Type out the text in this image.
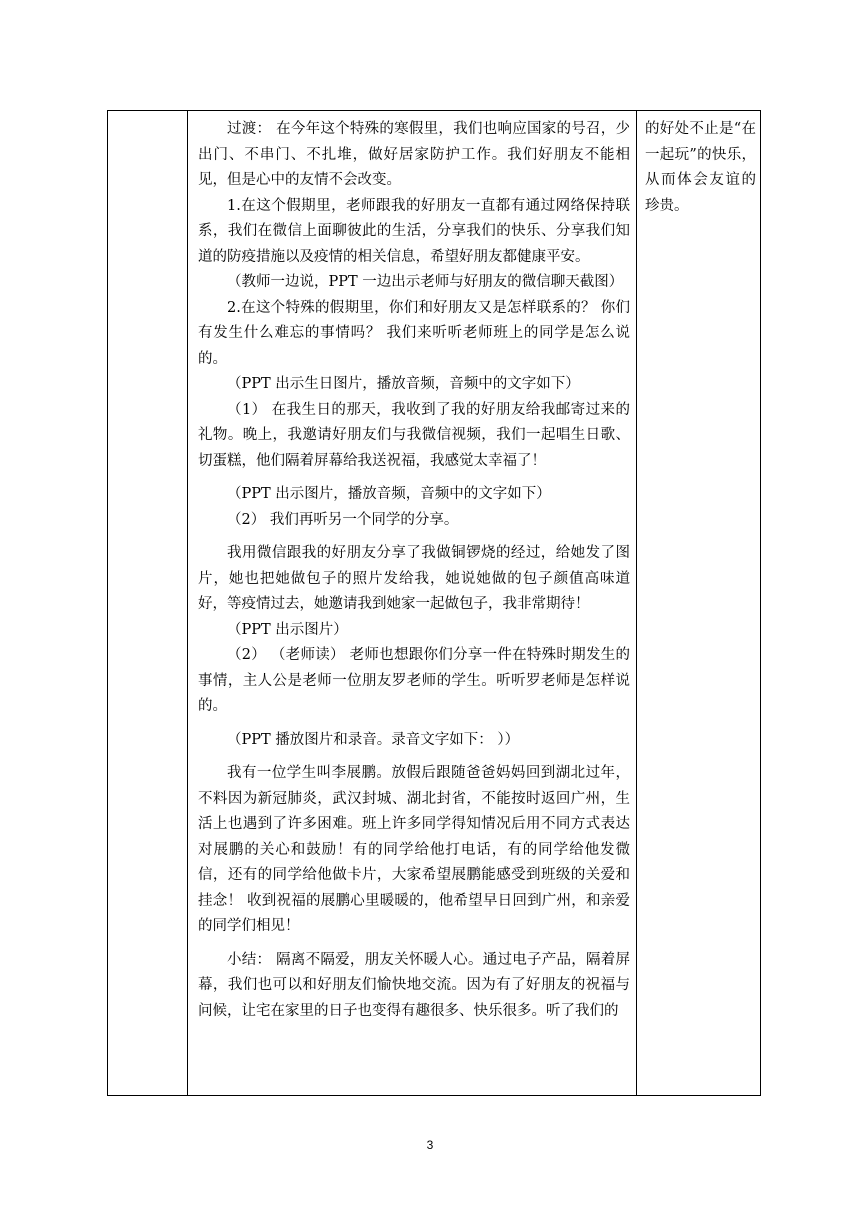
过渡： 在今年这个特殊的寒假里，我们也响应国家的号召，少出门、不串门、不扎堆，做好居家防护工作。我们好朋友不能相见，但是心中的友情不会改变。

1.在这个假期里，老师跟我的好朋友一直都有通过网络保持联系，我们在微信上面聊彼此的生活，分享我们的快乐、分享我们知道的防疫措施以及疫情的相关信息，希望好朋友都健康平安。

（教师一边说，PPT 一边出示老师与好朋友的微信聊天截图）

2.在这个特殊的假期里，你们和好朋友又是怎样联系的？ 你们有发生什么难忘的事情吗？ 我们来听听老师班上的同学是怎么说的。

（PPT 出示生日图片，播放音频，音频中的文字如下）

（1） 在我生日的那天，我收到了我的好朋友给我邮寄过来的礼物。晚上，我邀请好朋友们与我微信视频，我们一起唱生日歌、切蛋糕，他们隔着屏幕给我送祝福，我感觉太幸福了！

（PPT 出示图片，播放音频，音频中的文字如下）

（2） 我们再听另一个同学的分享。

我用微信跟我的好朋友分享了我做铜锣烧的经过，给她发了图片，她也把她做包子的照片发给我，她说她做的包子颜值高味道好，等疫情过去，她邀请我到她家一起做包子，我非常期待！

（PPT 出示图片）

（2） （老师读） 老师也想跟你们分享一件在特殊时期发生的事情，主人公是老师一位朋友罗老师的学生。听听罗老师是怎样说的。

（PPT 播放图片和录音。录音文字如下： ））

我有一位学生叫李展鹏。放假后跟随爸爸妈妈回到湖北过年，不料因为新冠肺炎，武汉封城、湖北封省，不能按时返回广州，生活上也遇到了许多困难。班上许多同学得知情况后用不同方式表达对展鹏的关心和鼓励！有的同学给他打电话，有的同学给他发微信，还有的同学给他做卡片，大家希望展鹏能感受到班级的关爱和挂念！ 收到祝福的展鹏心里暖暖的，他希望早日回到广州，和亲爱的同学们相见！

小结： 隔离不隔爱，朋友关怀暖人心。通过电子产品，隔着屏幕，我们也可以和好朋友们愉快地交流。因为有了好朋友的祝福与问候，让宅在家里的日子也变得有趣很多、快乐很多。听了我们的

的好处不止是“在一起玩”的快乐，从而体会友谊的珍贵。

3
